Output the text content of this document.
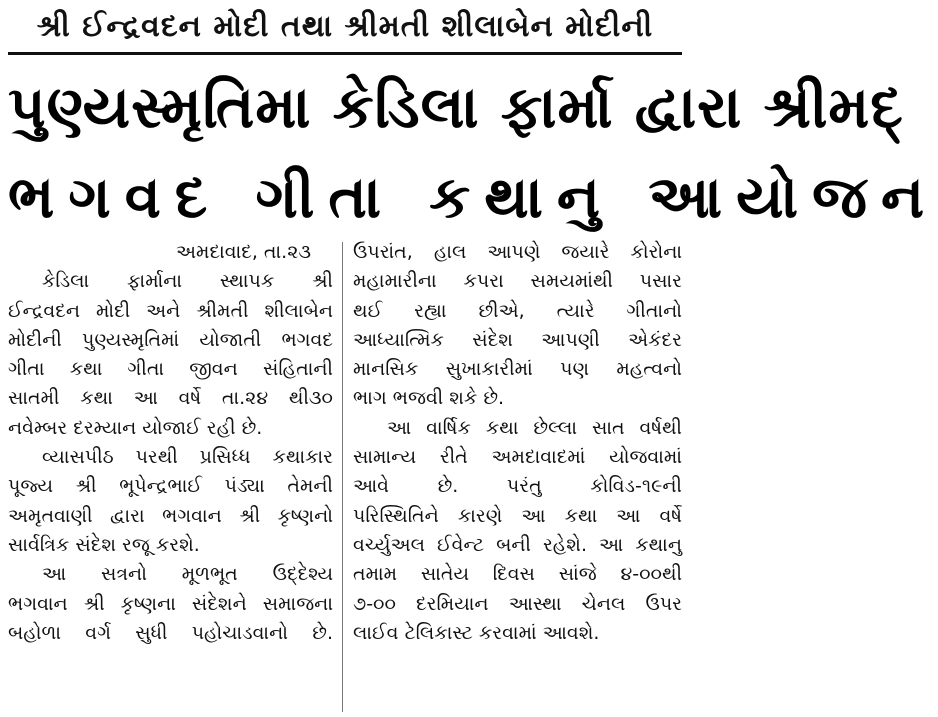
શ્રી ઈન્દ્રવદન મોદી તથા શ્રીમતી શીલાબેન મોદીની
પુણ્યસ્મૃતિમા કેડિલા ફાર્મા દ્વારા શ્રીમદ્
ભગવદ ગીતા કથાનુ આયોજન
અમદાવાદ, તા.૨૩
કેડિલા ફાર્માના સ્થાપક શ્રી
ઈન્દ્રવદન મોદી અને શ્રીમતી શીલાબેન
મોદીની પુણ્યસ્મૃતિમાં યોજાતી ભગવદ
ગીતા કથા ગીતા જીવન સંહિતાની
સાતમી કથા આ વર્ષે તા.૨૪ થી૩૦
નવેમ્બર દરમ્યાન યોજાઈ રહી છે.
વ્યાસપીઠ પરથી પ્રસિધ્ધ કથાકાર
પૂજ્ય શ્રી ભૂપેન્દ્રભાઈ પંડ્યા તેમની
અમૃતવાણી દ્વારા ભગવાન શ્રી કૃષ્ણનો
સાર્વત્રિક સંદેશ રજૂ કરશે.
આ સત્રનો મૂળભૂત ઉદ્દેશ્ય
ભગવાન શ્રી કૃષ્ણના સંદેશને સમાજના
બહોળા વર્ગ સુધી પહોચાડવાનો છે.
ઉપરાંત, હાલ આપણે જયારે કોરોના
મહામારીના કપરા સમયમાંથી પસાર
થઈ રહ્યા છીએ, ત્યારે ગીતાનો
આધ્યાત્મિક સંદેશ આપણી એકંદર
માનસિક સુખાકારીમાં પણ મહત્વનો
ભાગ ભજવી શકે છે.
આ વાર્ષિક કથા છેલ્લા સાત વર્ષથી
સામાન્ય રીતે અમદાવાદમાં યોજવામાં
આવે છે. પરંતુ કોવિડ-૧૯ની
પરિસ્થિતિને કારણે આ કથા આ વર્ષે
વર્ચ્યુઅલ ઈવેન્ટ બની રહેશે. આ કથાનુ
તમામ સાતેય દિવસ સાંજે ૪-૦૦થી
૭-૦૦ દરમિયાન આસ્થા ચેનલ ઉપર
લાઈવ ટેલિકાસ્ટ કરવામાં આવશે.
